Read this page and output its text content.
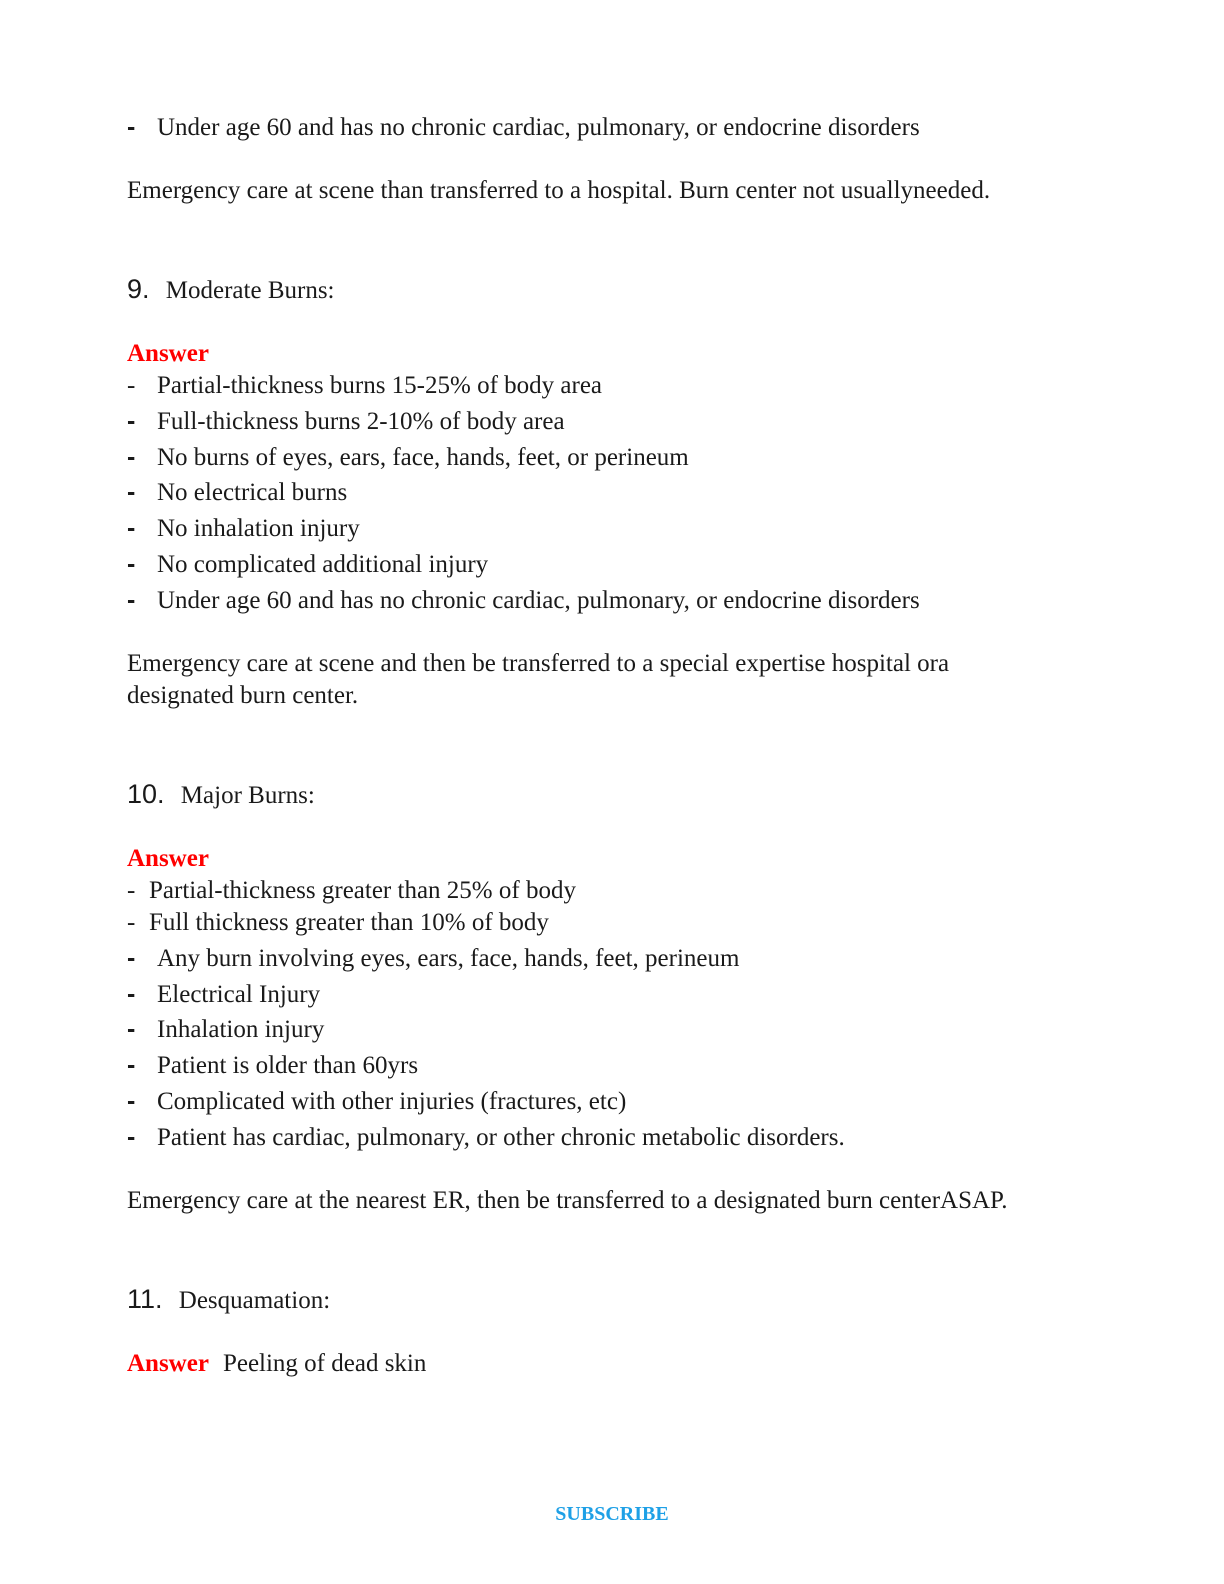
- Under age 60 and has no chronic cardiac, pulmonary, or endocrine disorders
Emergency care at scene than transferred to a hospital. Burn center not usuallyneeded.
9. Moderate Burns:
Answer
- Partial-thickness burns 15-25% of body area
- Full-thickness burns 2-10% of body area
- No burns of eyes, ears, face, hands, feet, or perineum
- No electrical burns
- No inhalation injury
- No complicated additional injury
- Under age 60 and has no chronic cardiac, pulmonary, or endocrine disorders
Emergency care at scene and then be transferred to a special expertise hospital ora
designated burn center.
10. Major Burns:
Answer
- Partial-thickness greater than 25% of body
- Full thickness greater than 10% of body
- Any burn involving eyes, ears, face, hands, feet, perineum
- Electrical Injury
- Inhalation injury
- Patient is older than 60yrs
- Complicated with other injuries (fractures, etc)
- Patient has cardiac, pulmonary, or other chronic metabolic disorders.
Emergency care at the nearest ER, then be transferred to a designated burn centerASAP.
11. Desquamation:
Answer Peeling of dead skin
SUBSCRIBE
